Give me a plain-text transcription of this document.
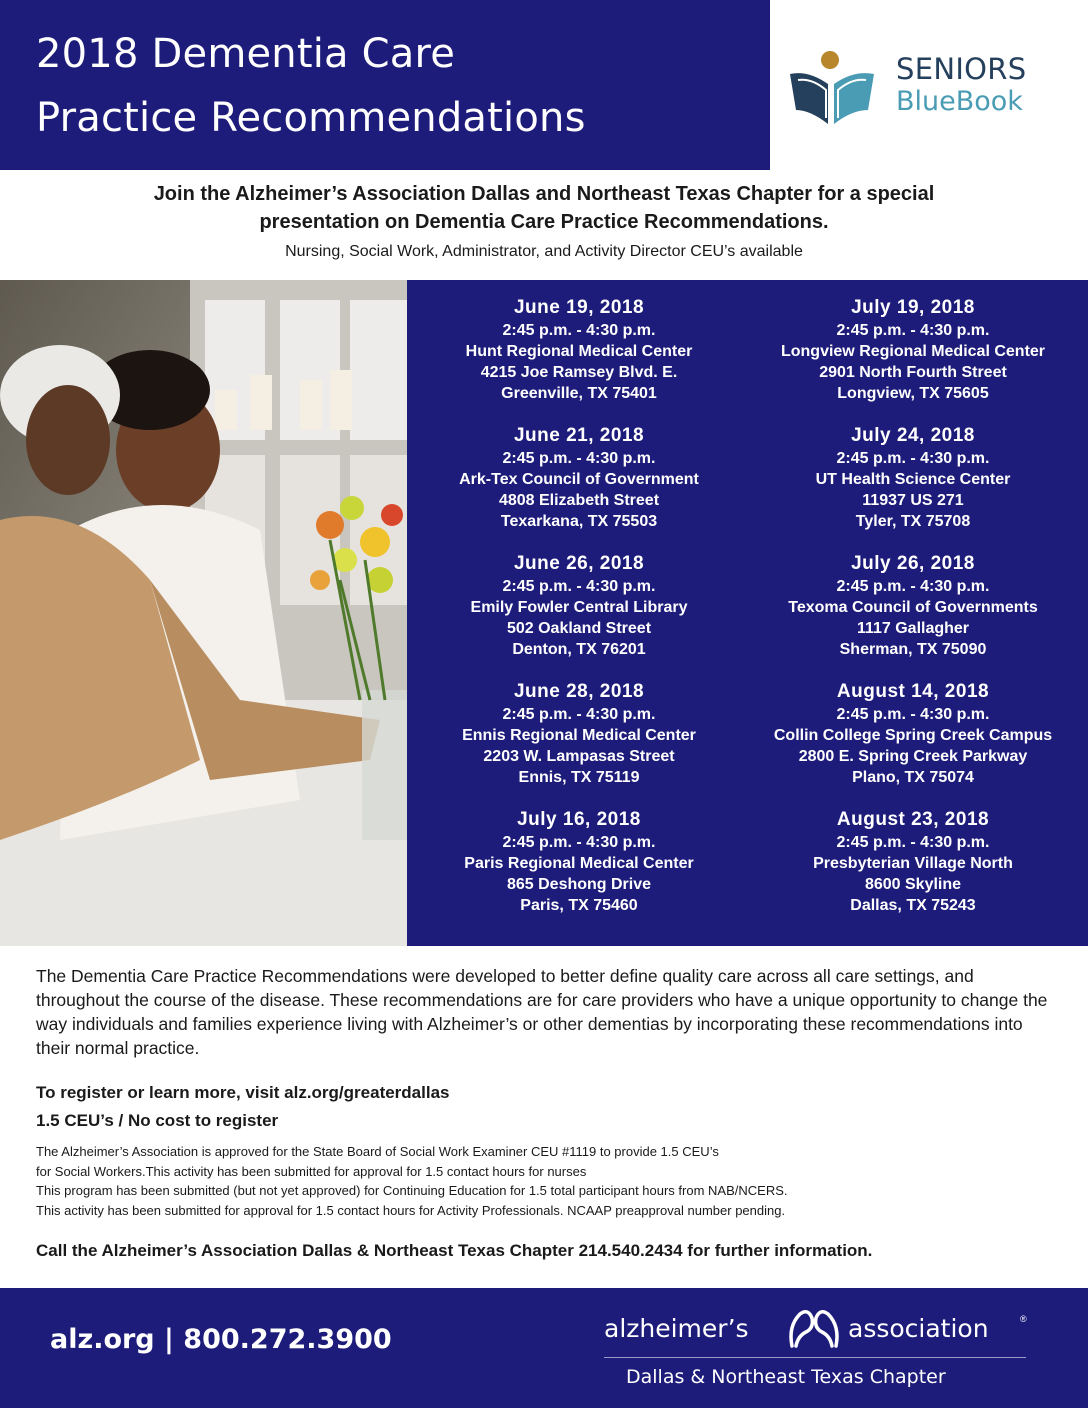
2018 Dementia Care
Practice Recommendations
SENIORS
BlueBook

Join the Alzheimer’s Association Dallas and Northeast Texas Chapter for a special

presentation on Dementia Care Practice Recommendations.

Nursing, Social Work, Administrator, and Activity Director CEU’s available

June 19, 2018
2:45 p.m. - 4:30 p.m.
Hunt Regional Medical Center
4215 Joe Ramsey Blvd. E.
Greenville, TX 75401
June 21, 2018
2:45 p.m. - 4:30 p.m.
Ark-Tex Council of Government
4808 Elizabeth Street
Texarkana, TX 75503
June 26, 2018
2:45 p.m. - 4:30 p.m.
Emily Fowler Central Library
502 Oakland Street
Denton, TX 76201
June 28, 2018
2:45 p.m. - 4:30 p.m.
Ennis Regional Medical Center
2203 W. Lampasas Street
Ennis, TX 75119
July 16, 2018
2:45 p.m. - 4:30 p.m.
Paris Regional Medical Center
865 Deshong Drive
Paris, TX 75460
July 19, 2018
2:45 p.m. - 4:30 p.m.
Longview Regional Medical Center
2901 North Fourth Street
Longview, TX 75605
July 24, 2018
2:45 p.m. - 4:30 p.m.
UT Health Science Center
11937 US 271
Tyler, TX 75708
July 26, 2018
2:45 p.m. - 4:30 p.m.
Texoma Council of Governments
1117 Gallagher
Sherman, TX 75090
August 14, 2018
2:45 p.m. - 4:30 p.m.
Collin College Spring Creek Campus
2800 E. Spring Creek Parkway
Plano, TX 75074
August 23, 2018
2:45 p.m. - 4:30 p.m.
Presbyterian Village North
8600 Skyline
Dallas, TX 75243

The Dementia Care Practice Recommendations were developed to better define quality care across all care settings, and throughout the course of the disease. These recommendations are for care providers who have a unique opportunity to change the way individuals and families experience living with Alzheimer’s or other dementias by incorporating these recommendations into their normal practice.

To register or learn more, visit alz.org/greaterdallas

1.5 CEU’s / No cost to register

The Alzheimer’s Association is approved for the State Board of Social Work Examiner CEU #1119 to provide 1.5 CEU’s
for Social Workers.This activity has been submitted for approval for 1.5 contact hours for nurses
This program has been submitted (but not yet approved) for Continuing Education for 1.5 total participant hours from NAB/NCERS.
This activity has been submitted for approval for 1.5 contact hours for Activity Professionals. NCAAP preapproval number pending.

Call the Alzheimer’s Association Dallas & Northeast Texas Chapter 214.540.2434 for further information.

alz.org | 800.272.3900	alzheimer’s	association	®
Dallas & Northeast Texas Chapter
